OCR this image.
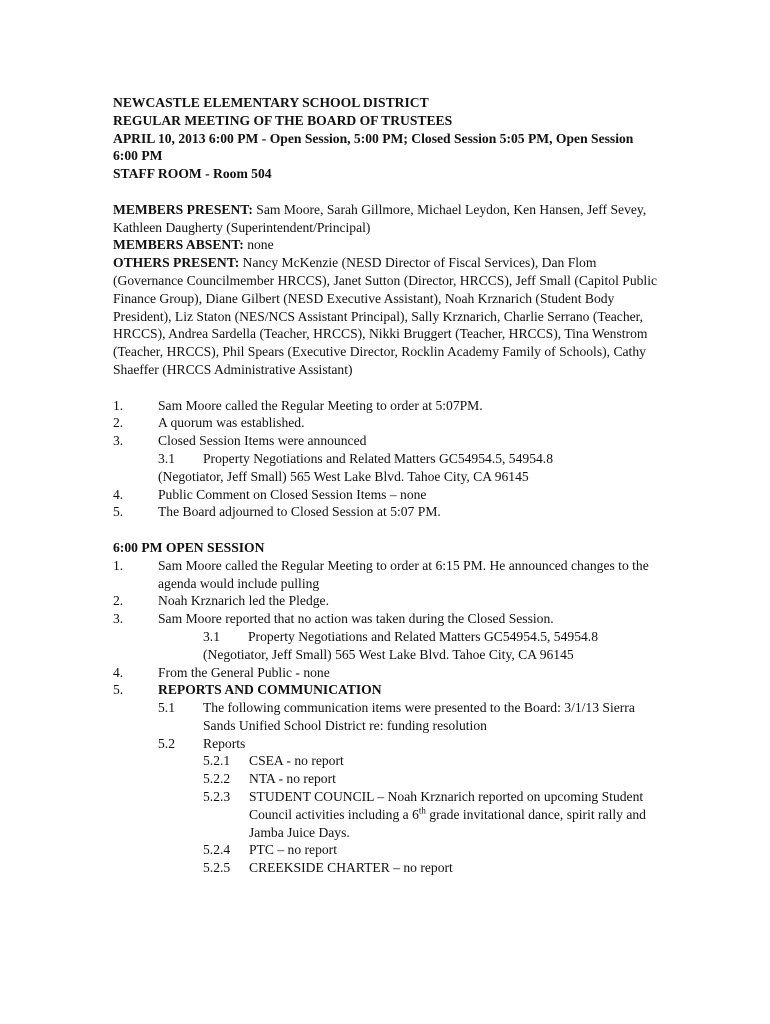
NEWCASTLE ELEMENTARY SCHOOL DISTRICT
REGULAR MEETING OF THE BOARD OF TRUSTEES
APRIL 10, 2013 6:00 PM - Open Session, 5:00 PM; Closed Session 5:05 PM, Open Session 6:00 PM
STAFF ROOM - Room 504

MEMBERS PRESENT: Sam Moore, Sarah Gillmore, Michael Leydon, Ken Hansen, Jeff Sevey, Kathleen Daugherty (Superintendent/Principal)

MEMBERS ABSENT: none

OTHERS PRESENT: Nancy McKenzie (NESD Director of Fiscal Services), Dan Flom (Governance Councilmember HRCCS), Janet Sutton (Director, HRCCS), Jeff Small (Capitol Public Finance Group), Diane Gilbert (NESD Executive Assistant), Noah Krznarich (Student Body President), Liz Staton (NES/NCS Assistant Principal), Sally Krznarich, Charlie Serrano (Teacher, HRCCS), Andrea Sardella (Teacher, HRCCS), Nikki Bruggert (Teacher, HRCCS), Tina Wenstrom (Teacher, HRCCS), Phil Spears (Executive Director, Rocklin Academy Family of Schools), Cathy Shaeffer (HRCCS Administrative Assistant)

1.	Sam Moore called the Regular Meeting to order at 5:07PM.
2.	A quorum was established.
3.	Closed Session Items were announced
3.1	Property Negotiations and Related Matters GC54954.5, 54954.8
(Negotiator, Jeff Small) 565 West Lake Blvd. Tahoe City, CA 96145
4.	Public Comment on Closed Session Items – none
5.	The Board adjourned to Closed Session at 5:07 PM.
6:00 PM OPEN SESSION
1.	Sam Moore called the Regular Meeting to order at 6:15 PM. He announced changes to the agenda would include pulling
2.	Noah Krznarich led the Pledge.
3.	Sam Moore reported that no action was taken during the Closed Session.
3.1	Property Negotiations and Related Matters GC54954.5, 54954.8
(Negotiator, Jeff Small) 565 West Lake Blvd. Tahoe City, CA 96145
4.	From the General Public - none
5.	REPORTS AND COMMUNICATION
5.1	The following communication items were presented to the Board: 3/1/13 Sierra Sands Unified School District re: funding resolution
5.2	Reports
5.2.1	CSEA - no report
5.2.2	NTA - no report
5.2.3	STUDENT COUNCIL – Noah Krznarich reported on upcoming Student Council activities including a 6th grade invitational dance, spirit rally and Jamba Juice Days.
5.2.4	PTC – no report
5.2.5	CREEKSIDE CHARTER – no report
